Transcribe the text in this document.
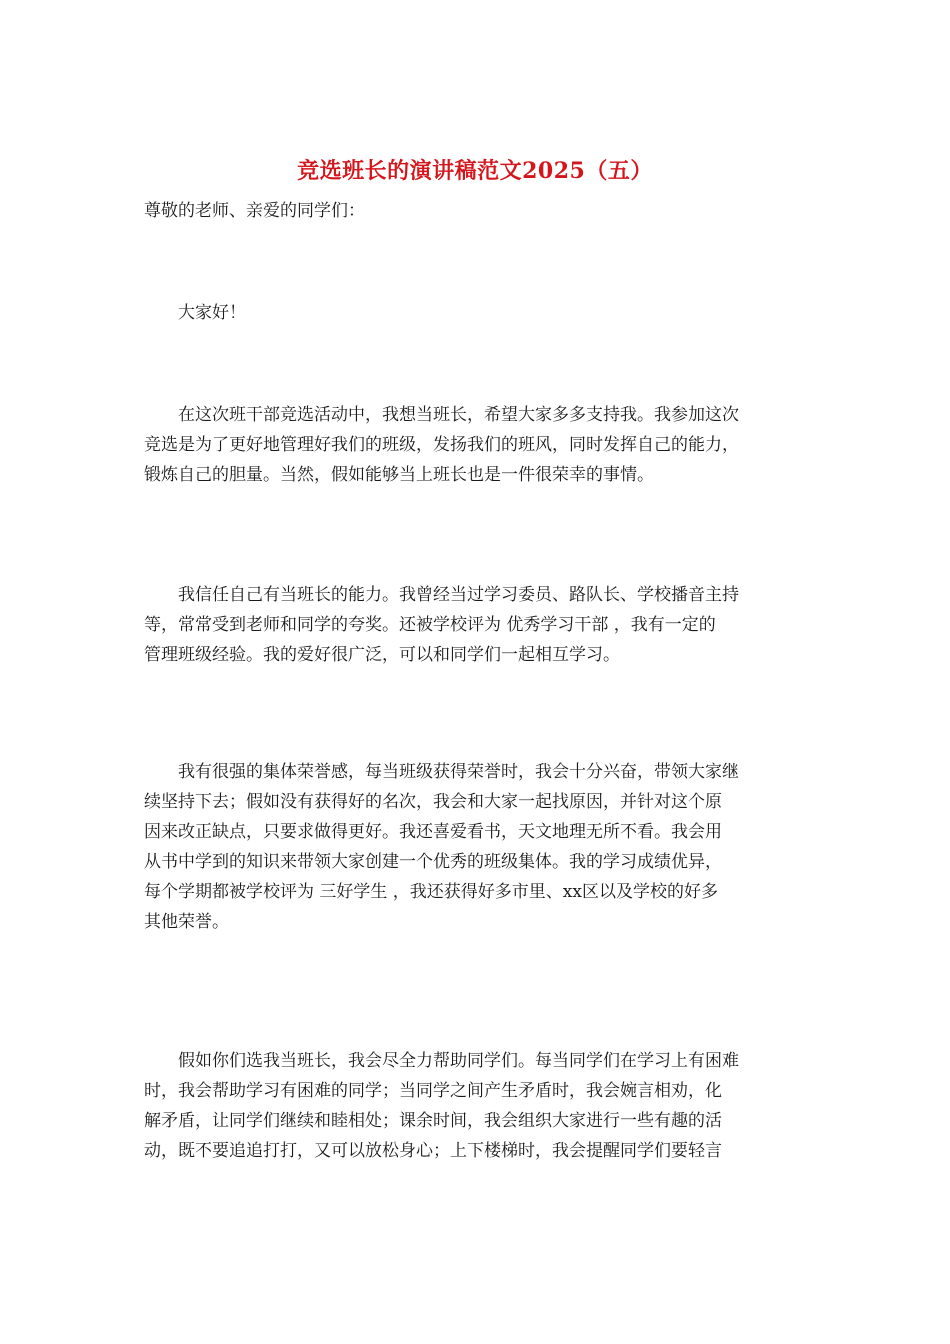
竞选班长的演讲稿范文2025（五）
尊敬的老师、亲爱的同学们：

大家好！

在这次班干部竞选活动中，我想当班长，希望大家多多支持我。我参加这次
竞选是为了更好地管理好我们的班级，发扬我们的班风，同时发挥自己的能力，
锻炼自己的胆量。当然，假如能够当上班长也是一件很荣幸的事情。

我信任自己有当班长的能力。我曾经当过学习委员、路队长、学校播音主持
等，常常受到老师和同学的夸奖。还被学校评为 优秀学习干部 ，我有一定的
管理班级经验。我的爱好很广泛，可以和同学们一起相互学习。

我有很强的集体荣誉感，每当班级获得荣誉时，我会十分兴奋，带领大家继
续坚持下去；假如没有获得好的名次，我会和大家一起找原因，并针对这个原
因来改正缺点，只要求做得更好。我还喜爱看书，天文地理无所不看。我会用
从书中学到的知识来带领大家创建一个优秀的班级集体。我的学习成绩优异，
每个学期都被学校评为 三好学生 ，我还获得好多市里、xx区以及学校的好多
其他荣誉。

假如你们选我当班长，我会尽全力帮助同学们。每当同学们在学习上有困难
时，我会帮助学习有困难的同学；当同学之间产生矛盾时，我会婉言相劝，化
解矛盾，让同学们继续和睦相处；课余时间，我会组织大家进行一些有趣的活
动，既不要追追打打，又可以放松身心；上下楼梯时，我会提醒同学们要轻言
